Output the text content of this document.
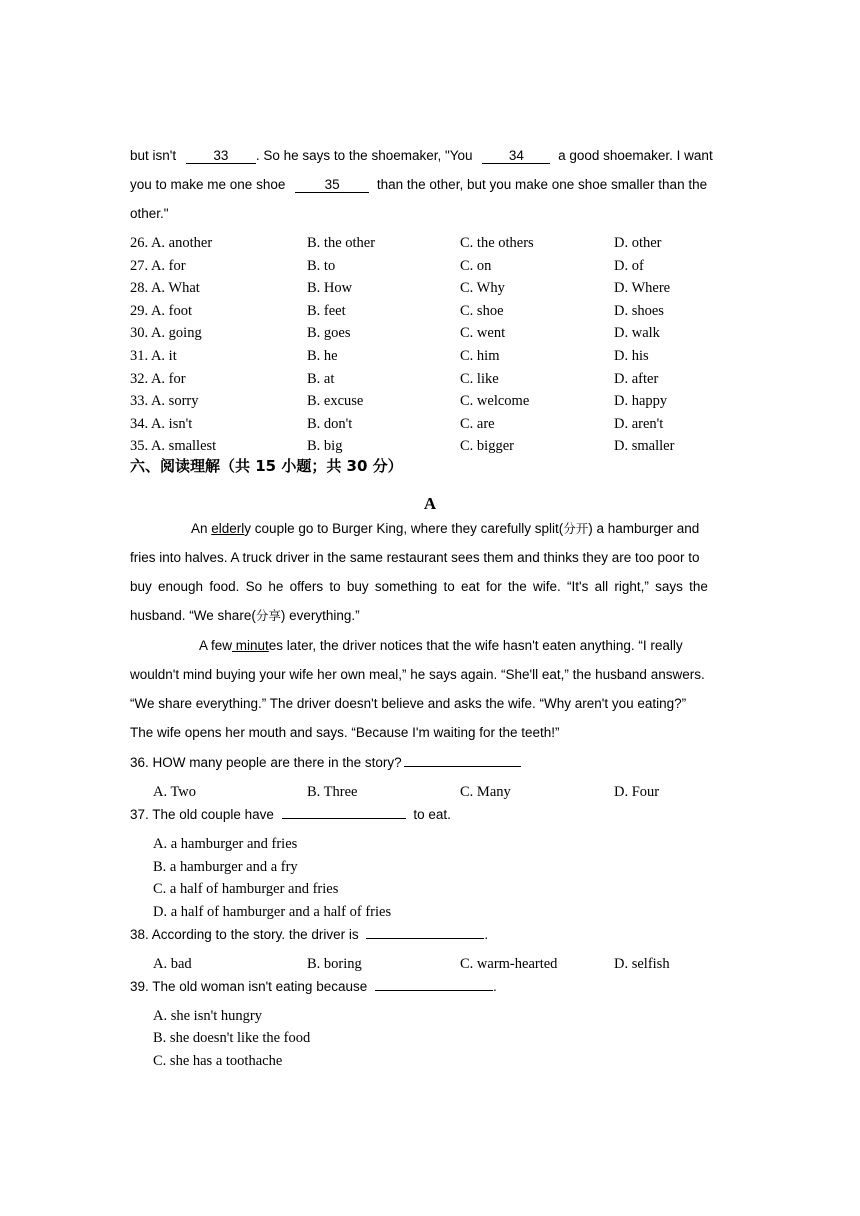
but isn't	33 . So he says to the shoemaker, "You	34	a good shoemaker. I want
you to make me one shoe	35	than the other, but you make one shoe smaller than the
other."
26. A. another	B. the other	C. the others	D. other
27. A. for	B. to	C. on	D. of
28. A. What	B. How	C. Why	D. Where
29. A. foot	B. feet	C. shoe	D. shoes
30. A. going	B. goes	C. went	D. walk
31. A. it	B. he	C. him	D. his
32. A. for	B. at	C. like	D. after
33. A. sorry	B. excuse	C. welcome	D. happy
34. A. isn't	B. don't	C. are	D. aren't
35. A. smallest	B. big	C. bigger	D. smaller
六、阅读理解（共 15 小题；共 30 分）
A
An elderly couple go to Burger King, where they carefully split(分开) a hamburger and
fries into halves. A truck driver in the same restaurant sees them and thinks they are too poor to
buy enough food. So he offers to buy something to eat for the wife. “It's all right,” says the
husband. “We share(分享) everything.”
A few minutes later, the driver notices that the wife hasn't eaten anything. “I really
wouldn't mind buying your wife her own meal,” he says again. “She'll eat,” the husband answers.
“We share everything.” The driver doesn't believe and asks the wife. “Why aren't you eating?”
The wife opens her mouth and says. “Because I'm waiting for the teeth!”
36. HOW many people are there in the story?
A. Two	B. Three	C. Many	D. Four
37. The old couple have	to eat.
A. a hamburger and fries
B. a hamburger and a fry
C. a half of hamburger and fries
D. a half of hamburger and a half of fries
38. According to the story. the driver is	.
A. bad	B. boring	C. warm-hearted	D. selfish
39. The old woman isn't eating because	.
A. she isn't hungry
B. she doesn't like the food
C. she has a toothache
